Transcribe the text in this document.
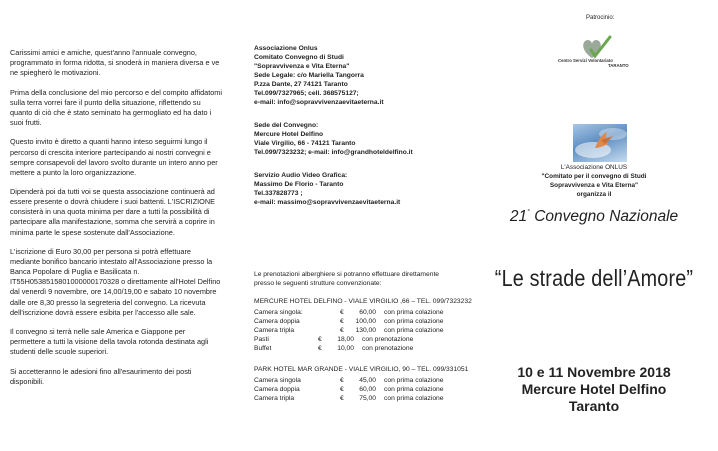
Carissimi amici e amiche, quest'anno l'annuale convegno, programmato in forma ridotta, si snoderà in maniera diversa e ve ne spiegherò le motivazioni.

Prima della conclusione del mio percorso e del compito affidatomi sulla terra vorrei fare il punto della situazione, riflettendo su quanto di ciò che è stato seminato ha germogliato ed ha dato i suoi frutti.

Questo invito è diretto a quanti hanno inteso seguirmi lungo il percorso di crescita interiore partecipando ai nostri convegni e sempre consapevoli del lavoro svolto durante un intero anno per mettere a punto la loro organizzazione.

Dipenderà poi da tutti voi se questa associazione continuerà ad essere presente o dovrà chiudere i suoi battenti. L'ISCRIZIONE consisterà in una quota minima per dare a tutti la possibilità di partecipare alla manifestazione, somma che servirà a coprire in minima parte le spese sostenute dall'Associazione.

L'iscrizione di Euro 30,00 per persona si potrà effettuare mediante bonifico bancario intestato all'Associazione presso la Banca Popolare di Puglia e Basilicata n. IT55H0538515801000000170328 o direttamente all'Hotel Delfino dal venerdì 9 novembre, ore 14,00/19,00 e sabato 10 novembre dalle ore 8,30 presso la segreteria del convegno. La ricevuta dell'iscrizione dovrà essere esibita per l'accesso alle sale.

Il convegno si terrà nelle sale America e Giappone per permettere a tutti la visione della tavola rotonda destinata agli studenti delle scuole superiori.

Si accetteranno le adesioni fino all'esaurimento dei posti disponibili.

Associazione Onlus
Comitato Convegno di Studi
"Sopravvivenza e Vita Eterna"
Sede Legale: c/o Mariella Tangorra
P.zza Dante, 27 74121 Taranto
Tel.099/7327965; cell. 368575127;
e-mail: info@sopravvivenzaevitaeterna.it
Sede del Convegno:
Mercure Hotel Delfino
Viale Virgilio, 66 - 74121 Taranto
Tel.099/7323232; e-mail: info@grandhoteldelfino.it
Servizio Audio Video Grafica:
Massimo De Florio - Taranto
Tel.337828773 ;
e-mail: massimo@sopravvivenzaevitaeterna.it
Le prenotazioni alberghiere si potranno effettuare direttamente
presso le seguenti strutture convenzionate:
MERCURE HOTEL DELFINO - VIALE VIRGILIO ,66 – TEL. 099/7323232
Camera singola:	€	60,00 con prima colazione
Camera doppia	€	100,00 con prima colazione
Camera tripla	€	130,00 con prima colazione
Pasti	€	18,00 con prenotazione
Buffet	€	10,00 con prenotazione
PARK HOTEL MAR GRANDE - VIALE VIRGILIO, 90 – TEL. 099/331051
Camera singola	€	45,00 con prima colazione
Camera doppia	€	60,00 con prima colazione
Camera tripla	€	75,00 con prima colazione
Patrocinio:
Centro Servizi Volontariato
TARANTO
L'Associazione ONLUS
"Comitato per il convegno di Studi
Sopravvivenza e Vita Eterna"
organizza il
21° Convegno Nazionale
“Le strade dell’Amore”
10 e 11 Novembre 2018
Mercure Hotel Delfino
Taranto
